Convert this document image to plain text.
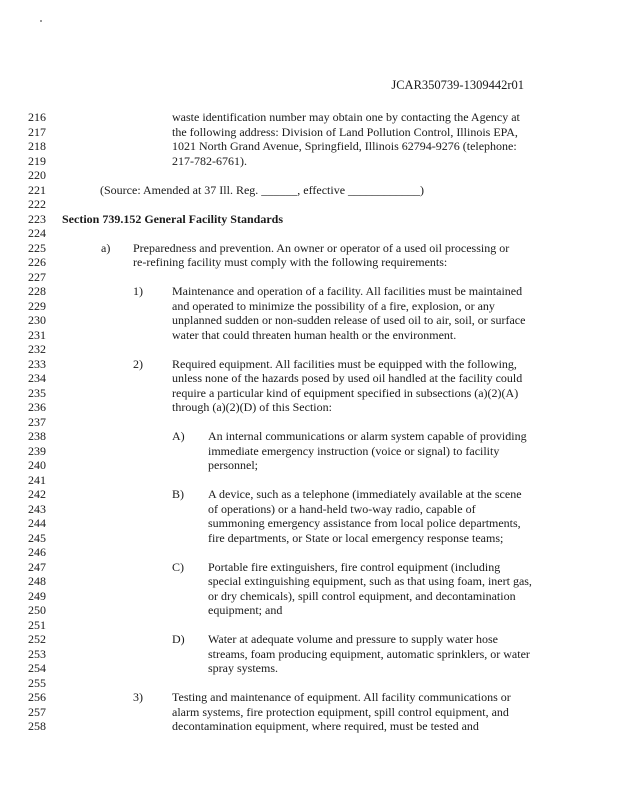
JCAR350739-1309442r01
216	waste identification number may obtain one by contacting the Agency at
217	the following address: Division of Land Pollution Control, Illinois EPA,
218	1021 North Grand Avenue, Springfield, Illinois 62794-9276 (telephone:
219	217-782-6761).
220
221	(Source: Amended at 37 Ill. Reg. ______, effective ____________)
222
223 Section 739.152 General Facility Standards
224
225	a) Preparedness and prevention. An owner or operator of a used oil processing or
226	re-refining facility must comply with the following requirements:
227
228	1) Maintenance and operation of a facility. All facilities must be maintained
229	and operated to minimize the possibility of a fire, explosion, or any
230	unplanned sudden or non-sudden release of used oil to air, soil, or surface
231	water that could threaten human health or the environment.
232
233	2) Required equipment. All facilities must be equipped with the following,
234	unless none of the hazards posed by used oil handled at the facility could
235	require a particular kind of equipment specified in subsections (a)(2)(A)
236	through (a)(2)(D) of this Section:
237
238	A) An internal communications or alarm system capable of providing
239	immediate emergency instruction (voice or signal) to facility
240	personnel;
241
242	B) A device, such as a telephone (immediately available at the scene
243	of operations) or a hand-held two-way radio, capable of
244	summoning emergency assistance from local police departments,
245	fire departments, or State or local emergency response teams;
246
247	C) Portable fire extinguishers, fire control equipment (including
248	special extinguishing equipment, such as that using foam, inert gas,
249	or dry chemicals), spill control equipment, and decontamination
250	equipment; and
251
252	D) Water at adequate volume and pressure to supply water hose
253	streams, foam producing equipment, automatic sprinklers, or water
254	spray systems.
255
256	3) Testing and maintenance of equipment. All facility communications or
257	alarm systems, fire protection equipment, spill control equipment, and
258	decontamination equipment, where required, must be tested and
